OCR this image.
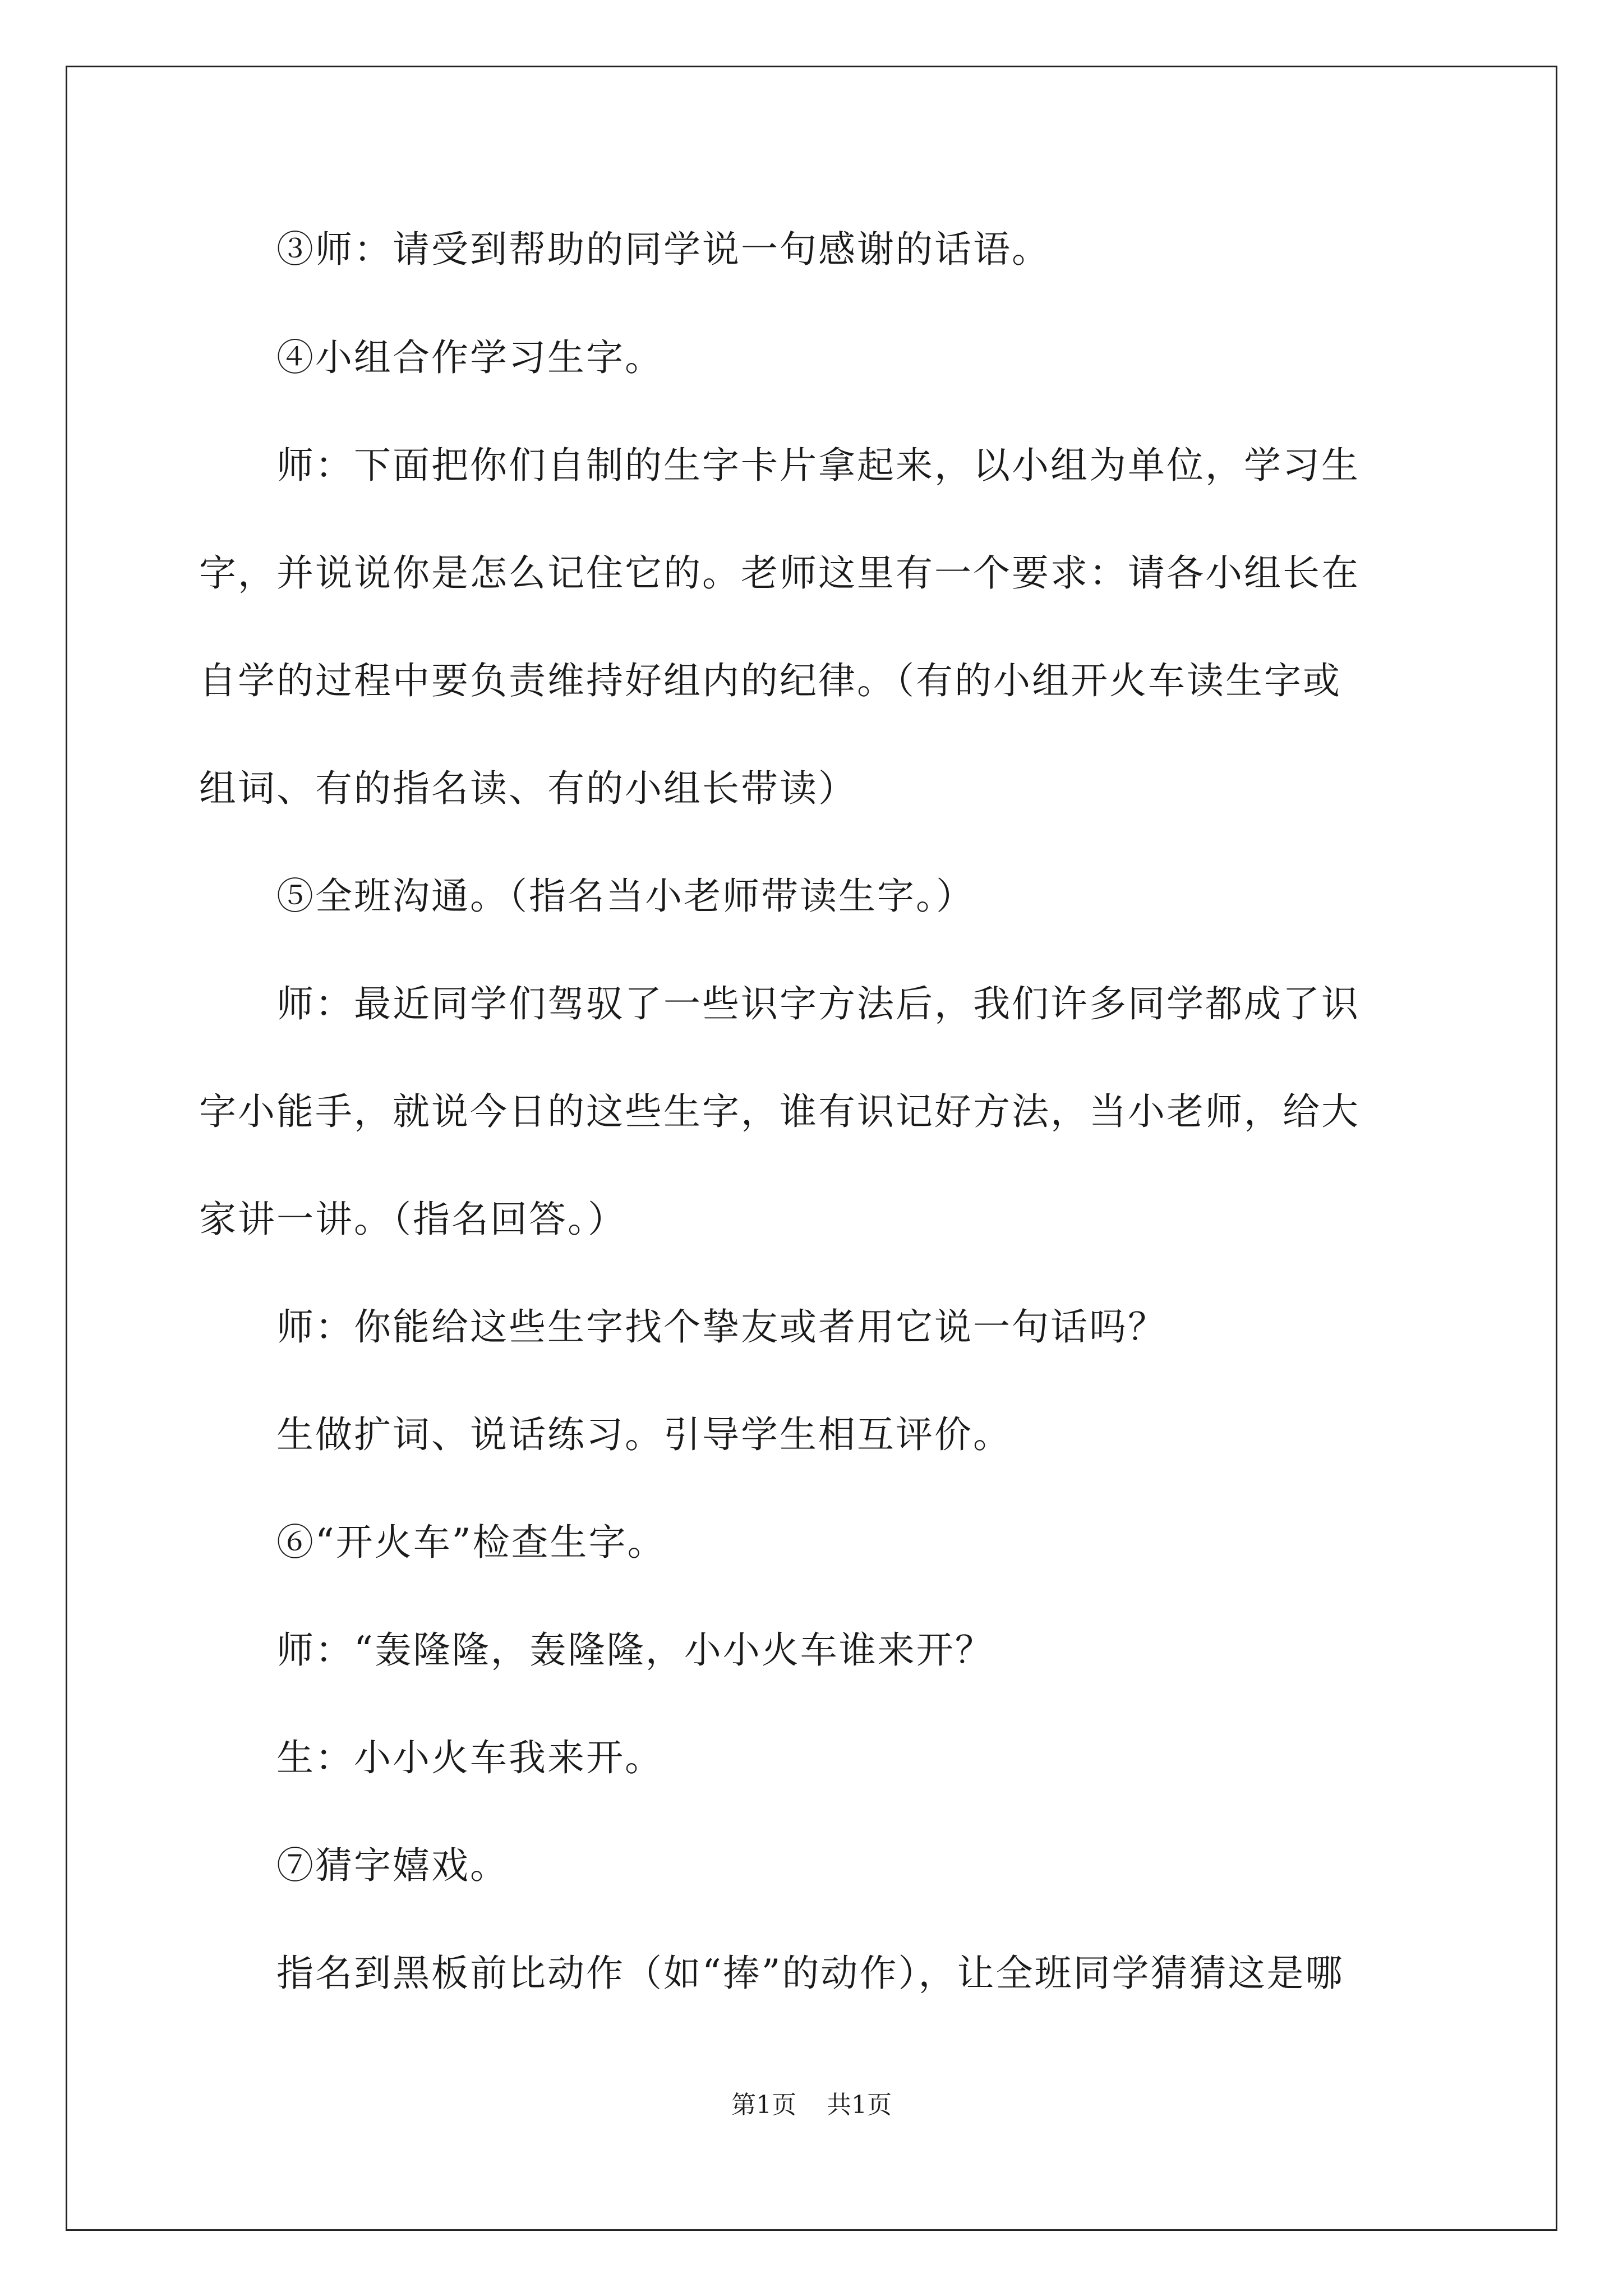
　　③师：请受到帮助的同学说一句感谢的话语。
　　④小组合作学习生字。
　　师：下面把你们自制的生字卡片拿起来，以小组为单位，学习生
字，并说说你是怎么记住它的。老师这里有一个要求：请各小组长在
自学的过程中要负责维持好组内的纪律。（有的小组开火车读生字或
组词、有的指名读、有的小组长带读）
　　⑤全班沟通。（指名当小老师带读生字。）
　　师：最近同学们驾驭了一些识字方法后，我们许多同学都成了识
字小能手，就说今日的这些生字，谁有识记好方法，当小老师，给大
家讲一讲。（指名回答。）
　　师：你能给这些生字找个挚友或者用它说一句话吗？
　　生做扩词、说话练习。引导学生相互评价。
　　⑥“开火车”检查生字。
　　师：“轰隆隆，轰隆隆，小小火车谁来开？
　　生：小小火车我来开。
　　⑦猜字嬉戏。
　　指名到黑板前比动作（如“捧”的动作），让全班同学猜猜这是哪
第1页 共1页
